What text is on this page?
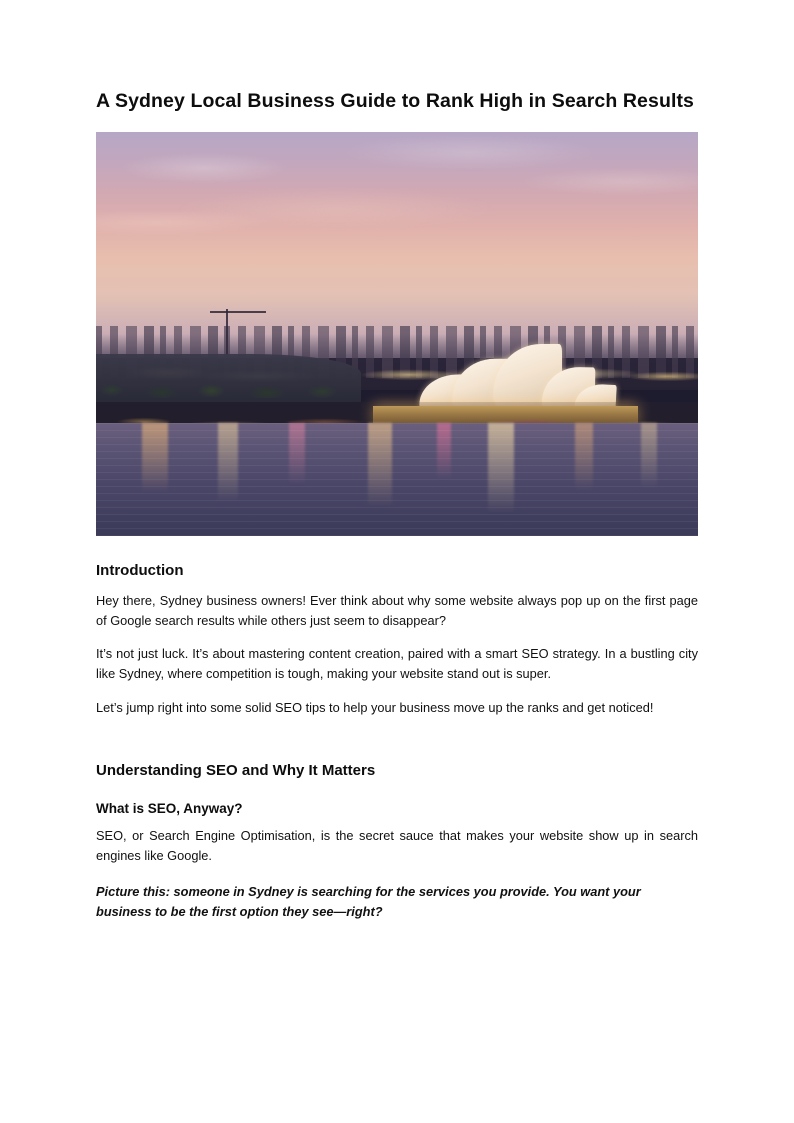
A Sydney Local Business Guide to Rank High in Search Results
Introduction

Hey there, Sydney business owners! Ever think about why some website always pop up on the first page of Google search results while others just seem to disappear?

It’s not just luck. It’s about mastering content creation, paired with a smart SEO strategy. In a bustling city like Sydney, where competition is tough, making your website stand out is super.

Let’s jump right into some solid SEO tips to help your business move up the ranks and get noticed!

Understanding SEO and Why It Matters
What is SEO, Anyway?

SEO, or Search Engine Optimisation, is the secret sauce that makes your website show up in search engines like Google.

Picture this: someone in Sydney is searching for the services you provide. You want your business to be the first option they see—right?
